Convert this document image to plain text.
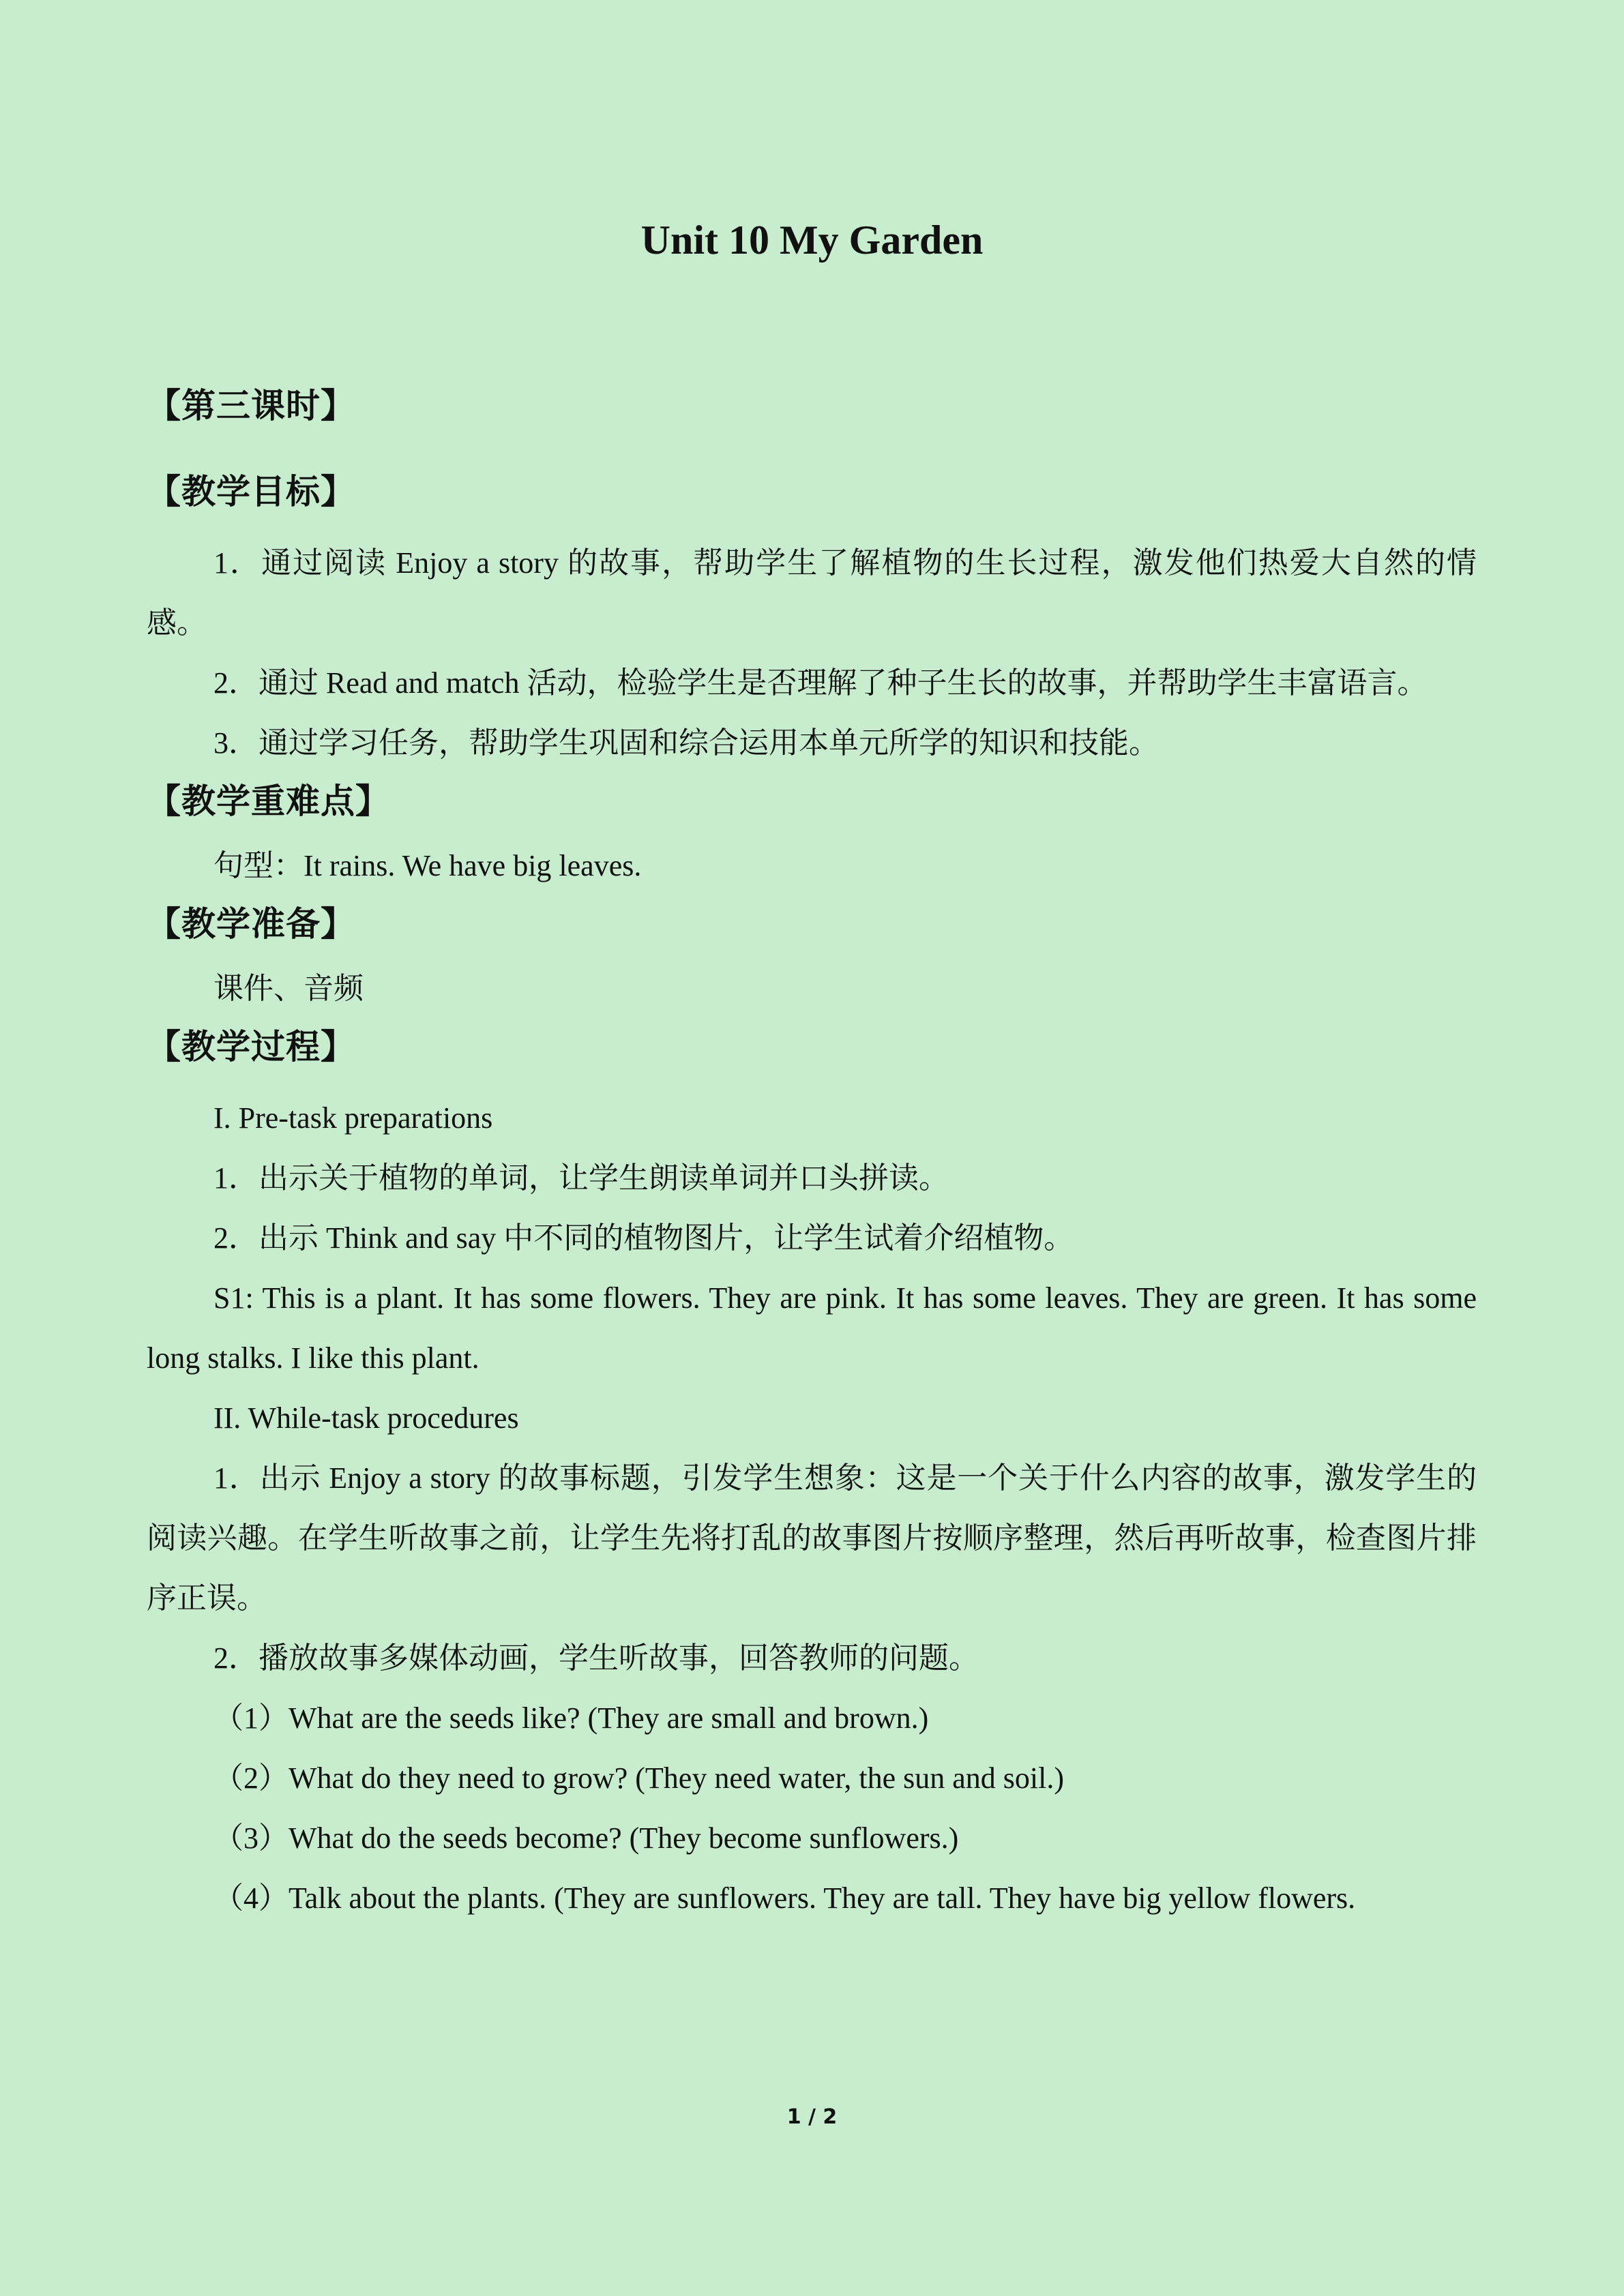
Unit 10 My Garden

【第三课时】

【教学目标】

1．通过阅读 Enjoy a story 的故事，帮助学生了解植物的生长过程，激发他们热爱大自然的情感。

2．通过 Read and match 活动，检验学生是否理解了种子生长的故事，并帮助学生丰富语言。

3．通过学习任务，帮助学生巩固和综合运用本单元所学的知识和技能。

【教学重难点】

句型：It rains. We have big leaves.

【教学准备】

课件、音频

【教学过程】

I. Pre-task preparations

1．出示关于植物的单词，让学生朗读单词并口头拼读。

2．出示 Think and say 中不同的植物图片，让学生试着介绍植物。

S1: This is a plant. It has some flowers. They are pink. It has some leaves. They are green. It has some long stalks. I like this plant.

II. While-task procedures

1．出示 Enjoy a story 的故事标题，引发学生想象：这是一个关于什么内容的故事，激发学生的阅读兴趣。在学生听故事之前，让学生先将打乱的故事图片按顺序整理，然后再听故事，检查图片排序正误。

2．播放故事多媒体动画，学生听故事，回答教师的问题。

（1）What are the seeds like? (They are small and brown.)

（2）What do they need to grow? (They need water, the sun and soil.)

（3）What do the seeds become? (They become sunflowers.)

（4）Talk about the plants. (They are sunflowers. They are tall. They have big yellow flowers.

1 / 2
